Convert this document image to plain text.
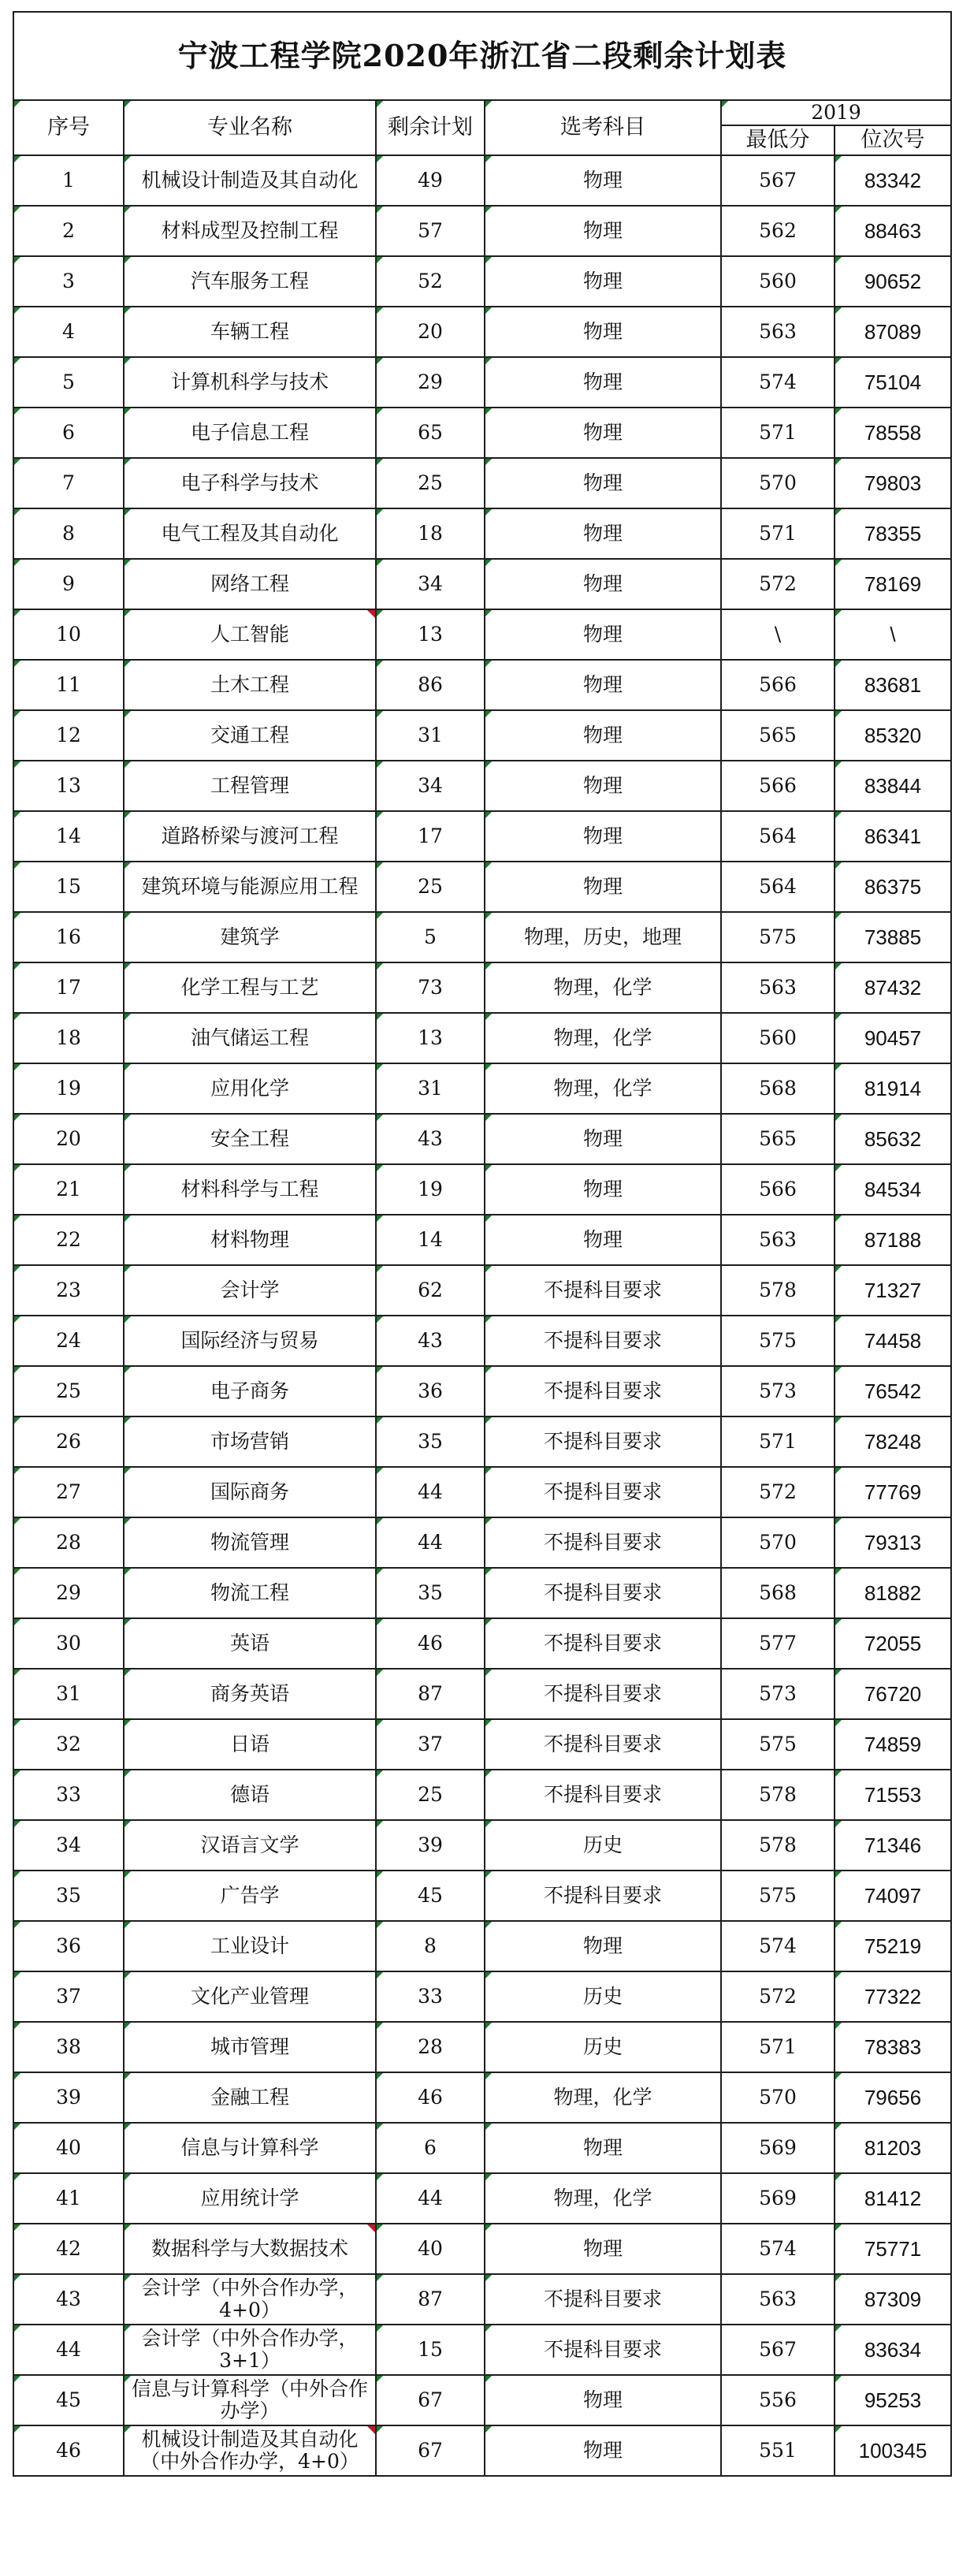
宁波工程学院2020年浙江省二段剩余计划表					
序号	专业名称	剩余计划	选考科目	2019	
				最低分	位次号
1	机械设计制造及其自动化	49	物理	567	83342
2	材料成型及控制工程	57	物理	562	88463
3	汽车服务工程	52	物理	560	90652
4	车辆工程	20	物理	563	87089
5	计算机科学与技术	29	物理	574	75104
6	电子信息工程	65	物理	571	78558
7	电子科学与技术	25	物理	570	79803
8	电气工程及其自动化	18	物理	571	78355
9	网络工程	34	物理	572	78169
10	人工智能	13	物理	\	\
11	土木工程	86	物理	566	83681
12	交通工程	31	物理	565	85320
13	工程管理	34	物理	566	83844
14	道路桥梁与渡河工程	17	物理	564	86341
15	建筑环境与能源应用工程	25	物理	564	86375
16	建筑学	5	物理，历史，地理	575	73885
17	化学工程与工艺	73	物理，化学	563	87432
18	油气储运工程	13	物理，化学	560	90457
19	应用化学	31	物理，化学	568	81914
20	安全工程	43	物理	565	85632
21	材料科学与工程	19	物理	566	84534
22	材料物理	14	物理	563	87188
23	会计学	62	不提科目要求	578	71327
24	国际经济与贸易	43	不提科目要求	575	74458
25	电子商务	36	不提科目要求	573	76542
26	市场营销	35	不提科目要求	571	78248
27	国际商务	44	不提科目要求	572	77769
28	物流管理	44	不提科目要求	570	79313
29	物流工程	35	不提科目要求	568	81882
30	英语	46	不提科目要求	577	72055
31	商务英语	87	不提科目要求	573	76720
32	日语	37	不提科目要求	575	74859
33	德语	25	不提科目要求	578	71553
34	汉语言文学	39	历史	578	71346
35	广告学	45	不提科目要求	575	74097
36	工业设计	8	物理	574	75219
37	文化产业管理	33	历史	572	77322
38	城市管理	28	历史	571	78383
39	金融工程	46	物理，化学	570	79656
40	信息与计算科学	6	物理	569	81203
41	应用统计学	44	物理，化学	569	81412
42	数据科学与大数据技术	40	物理	574	75771
43	会计学（中外合作办学，4+0）	87	不提科目要求	563	87309
44	会计学（中外合作办学，3+1）	15	不提科目要求	567	83634
45	信息与计算科学（中外合作办学）	67	物理	556	95253
46	机械设计制造及其自动化（中外合作办学，4+0）	67	物理	551	100345
